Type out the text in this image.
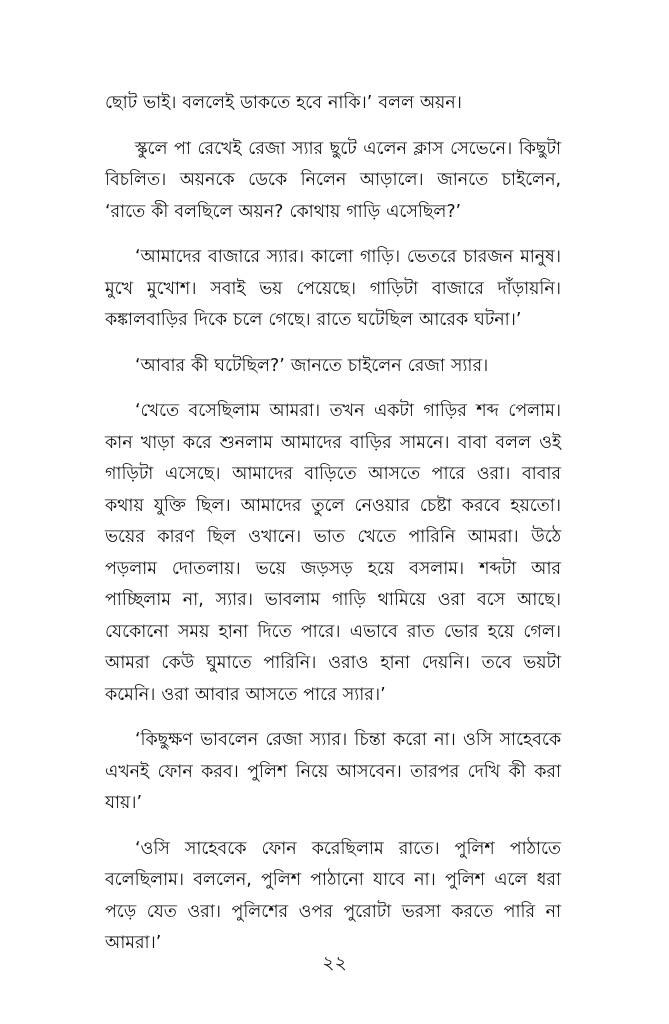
ছোট ভাই। বললেই ডাকতে হবে নাকি।’ বলল অয়ন।

স্কুলে পা রেখেই রেজা স্যার ছুটে এলেন ক্লাস সেভেনে। কিছুটা বিচলিত। অয়নকে ডেকে নিলেন আড়ালে। জানতে চাইলেন, ‘রাতে কী বলছিলে অয়ন? কোথায় গাড়ি এসেছিল?’

‘আমাদের বাজারে স্যার। কালো গাড়ি। ভেতরে চারজন মানুষ। মুখে মুখোশ। সবাই ভয় পেয়েছে। গাড়িটা বাজারে দাঁড়ায়নি। কঙ্কালবাড়ির দিকে চলে গেছে। রাতে ঘটেছিল আরেক ঘটনা।’

‘আবার কী ঘটেছিল?’ জানতে চাইলেন রেজা স্যার।

‘খেতে বসেছিলাম আমরা। তখন একটা গাড়ির শব্দ পেলাম। কান খাড়া করে শুনলাম আমাদের বাড়ির সামনে। বাবা বলল ওই গাড়িটা এসেছে। আমাদের বাড়িতে আসতে পারে ওরা। বাবার কথায় যুক্তি ছিল। আমাদের তুলে নেওয়ার চেষ্টা করবে হয়তো। ভয়ের কারণ ছিল ওখানে। ভাত খেতে পারিনি আমরা। উঠে পড়লাম দোতলায়। ভয়ে জড়সড় হয়ে বসলাম। শব্দটা আর পাচ্ছিলাম না, স্যার। ভাবলাম গাড়ি থামিয়ে ওরা বসে আছে। যেকোনো সময় হানা দিতে পারে। এভাবে রাত ভোর হয়ে গেল। আমরা কেউ ঘুমাতে পারিনি। ওরাও হানা দেয়নি। তবে ভয়টা কমেনি। ওরা আবার আসতে পারে স্যার।’

‘কিছুক্ষণ ভাবলেন রেজা স্যার। চিন্তা করো না। ওসি সাহেবকে এখনই ফোন করব। পুলিশ নিয়ে আসবেন। তারপর দেখি কী করা যায়।’

‘ওসি সাহেবকে ফোন করেছিলাম রাতে। পুলিশ পাঠাতে বলেছিলাম। বললেন, পুলিশ পাঠানো যাবে না। পুলিশ এলে ধরা পড়ে যেত ওরা। পুলিশের ওপর পুরোটা ভরসা করতে পারি না আমরা।’

২২
